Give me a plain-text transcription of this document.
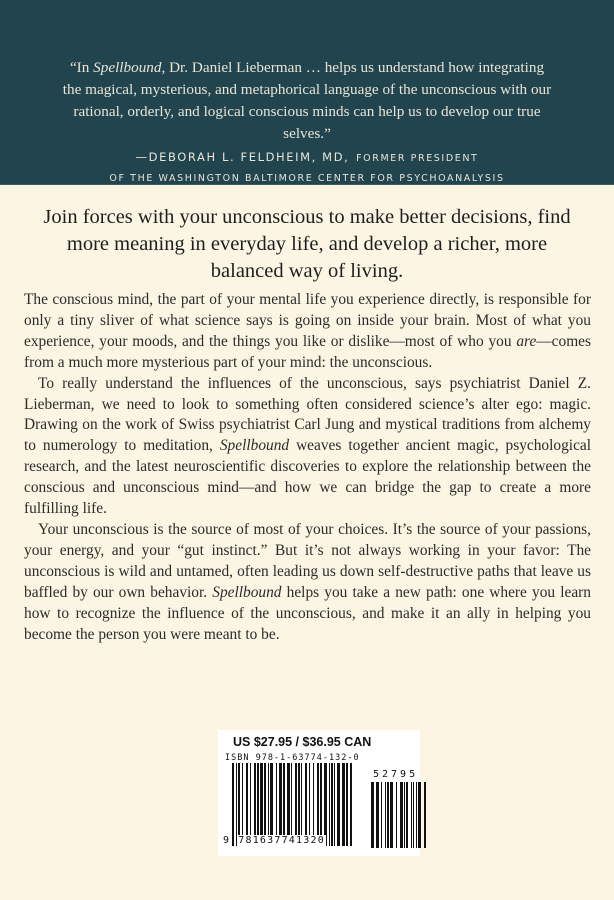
“In Spellbound, Dr. Daniel Lieberman … helps us understand how integrating the magical, mysterious, and metaphorical language of the unconscious with our rational, orderly, and logical conscious minds can help us to develop our true selves.”
—DEBORAH L. FELDHEIM, MD, FORMER PRESIDENT
OF THE WASHINGTON BALTIMORE CENTER FOR PSYCHOANALYSIS
Join forces with your unconscious to make better decisions, find more meaning in everyday life, and develop a richer, more balanced way of living.

The conscious mind, the part of your mental life you experience directly, is responsible for only a tiny sliver of what science says is going on inside your brain. Most of what you experience, your moods, and the things you like or dislike—most of who you are—comes from a much more mysterious part of your mind: the unconscious.

To really understand the influences of the unconscious, says psychiatrist Daniel Z. Lieberman, we need to look to something often considered science’s alter ego: magic. Drawing on the work of Swiss psychiatrist Carl Jung and mystical traditions from alchemy to numerology to meditation, Spellbound weaves together ancient magic, psychological research, and the latest neuroscientific discoveries to explore the relationship between the conscious and unconscious mind—and how we can bridge the gap to create a more fulfilling life.

Your unconscious is the source of most of your choices. It’s the source of your passions, your energy, and your “gut instinct.” But it’s not always working in your favor: The unconscious is wild and untamed, often leading us down self-destructive paths that leave us baffled by our own behavior. Spellbound helps you take a new path: one where you learn how to recognize the influence of the unconscious, and make it an ally in helping you become the person you were meant to be.

US $27.95 / $36.95 CAN
ISBN 978-1-63774-132-0
52795
9 781637741320
